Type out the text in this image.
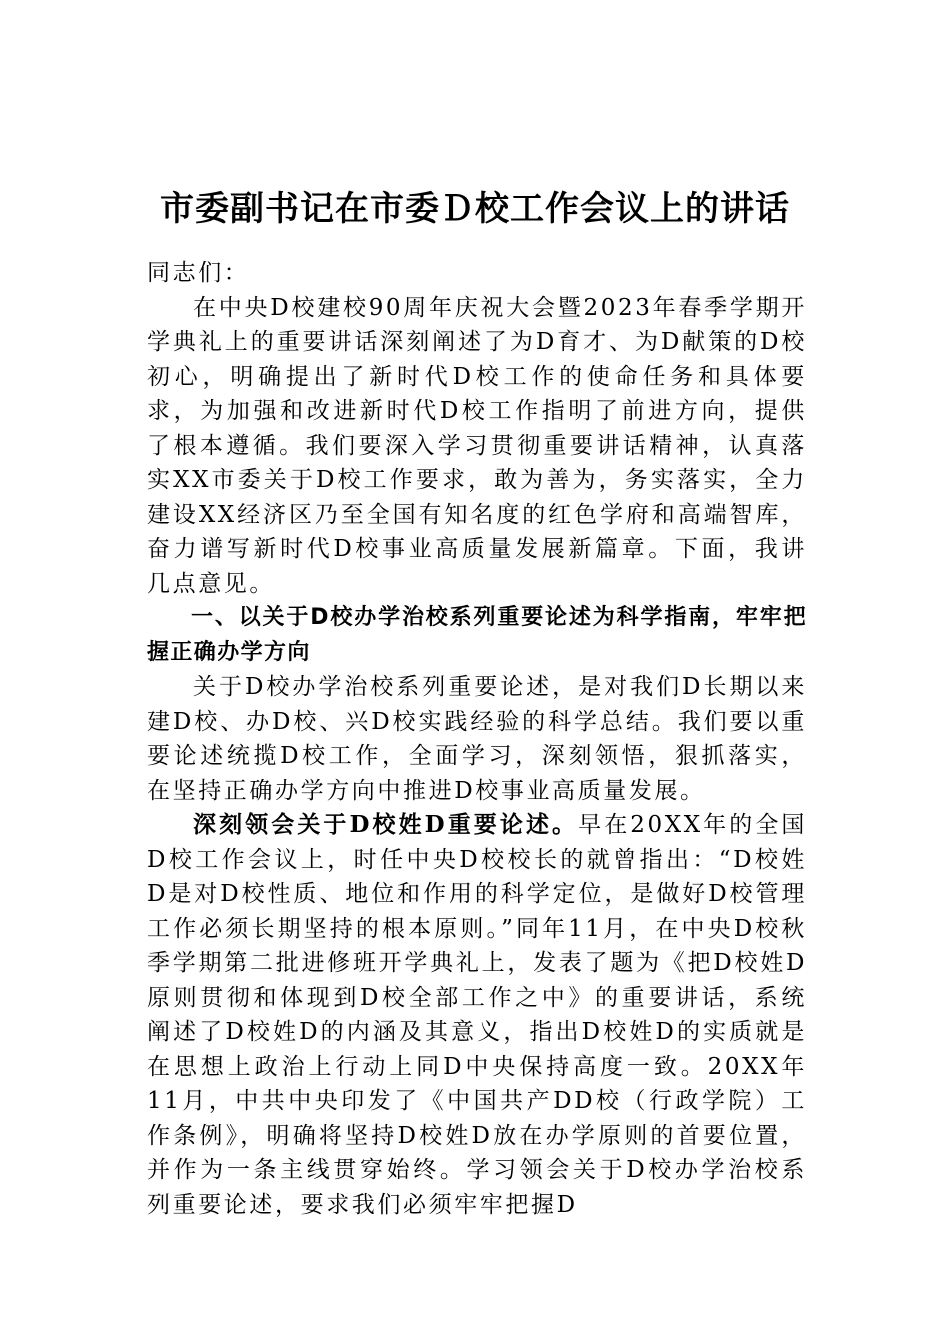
市委副书记在市委Ｄ校工作会议上的讲话

同志们：

在中央D校建校90周年庆祝大会暨2023年春季学期开学典礼上的重要讲话深刻阐述了为D育才、为D献策的D校初心，明确提出了新时代D校工作的使命任务和具体要求，为加强和改进新时代D校工作指明了前进方向，提供了根本遵循。我们要深入学习贯彻重要讲话精神，认真落实XX市委关于D校工作要求，敢为善为，务实落实，全力建设XX经济区乃至全国有知名度的红色学府和高端智库，奋力谱写新时代D校事业高质量发展新篇章。下面，我讲几点意见。

一、以关于D校办学治校系列重要论述为科学指南，牢牢把握正确办学方向

关于D校办学治校系列重要论述，是对我们D长期以来建D校、办D校、兴D校实践经验的科学总结。我们要以重要论述统揽D校工作，全面学习，深刻领悟，狠抓落实，在坚持正确办学方向中推进D校事业高质量发展。

深刻领会关于D校姓D重要论述。早在20XX年的全国D校工作会议上，时任中央D校校长的就曾指出：“D校姓D是对D校性质、地位和作用的科学定位，是做好D校管理工作必须长期坚持的根本原则。”同年11月，在中央D校秋季学期第二批进修班开学典礼上，发表了题为《把D校姓D原则贯彻和体现到D校全部工作之中》的重要讲话，系统阐述了D校姓D的内涵及其意义，指出D校姓D的实质就是在思想上政治上行动上同D中央保持高度一致。20XX年11月，中共中央印发了《中国共产DD校（行政学院）工作条例》，明确将坚持D校姓D放在办学原则的首要位置，并作为一条主线贯穿始终。学习领会关于D校办学治校系列重要论述，要求我们必须牢牢把握D
